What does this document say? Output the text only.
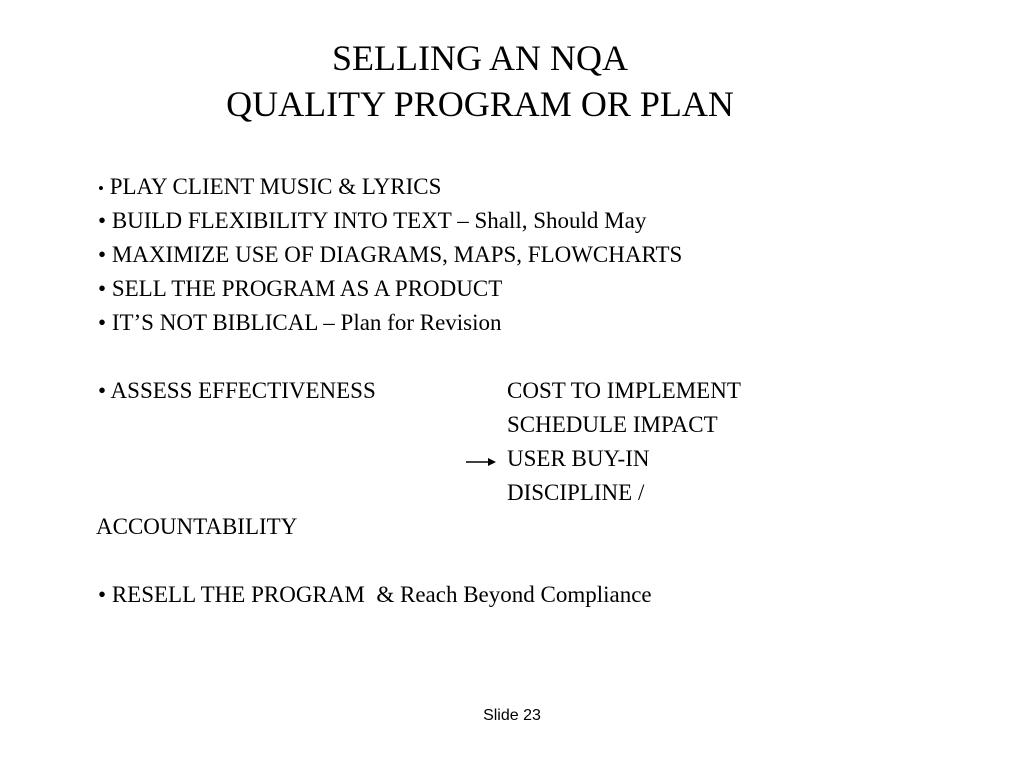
SELLING AN NQA
QUALITY PROGRAM OR PLAN
• PLAY CLIENT MUSIC & LYRICS
• BUILD FLEXIBILITY INTO TEXT – Shall, Should May
• MAXIMIZE USE OF DIAGRAMS, MAPS, FLOWCHARTS
• SELL THE PROGRAM AS A PRODUCT
• IT’S NOT BIBLICAL – Plan for Revision
• ASSESS EFFECTIVENESS	COST TO IMPLEMENT
SCHEDULE IMPACT
USER BUY-IN
DISCIPLINE /
ACCOUNTABILITY
• RESELL THE PROGRAM & Reach Beyond Compliance
Slide 23
